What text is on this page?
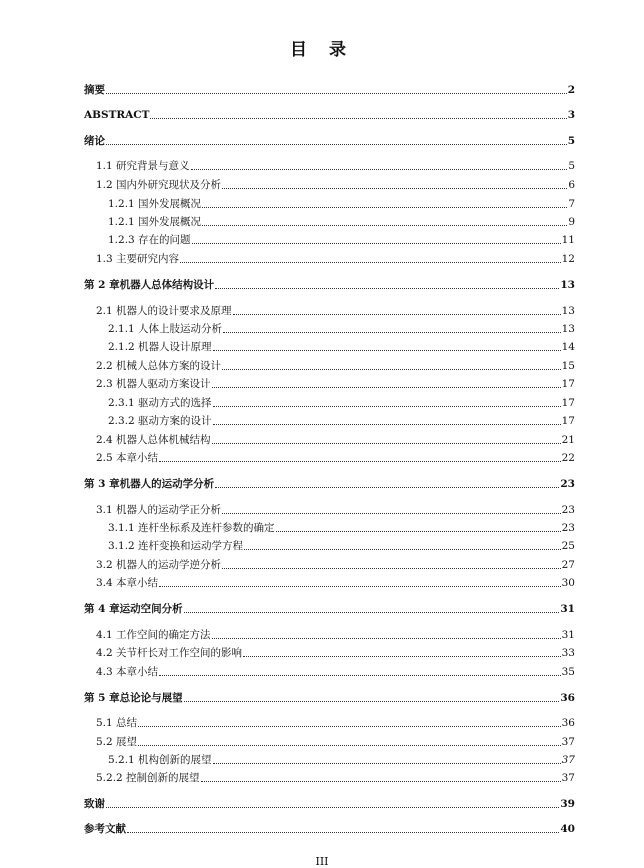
目 录
摘要	2
ABSTRACT	3
绪论	5
1.1 研究背景与意义	5
1.2 国内外研究现状及分析	6
1.2.1 国外发展概况	7
1.2.1 国外发展概况	9
1.2.3 存在的问题	11
1.3 主要研究内容	12
第 2 章机器人总体结构设计	13
2.1 机器人的设计要求及原理	13
2.1.1 人体上肢运动分析	13
2.1.2 机器人设计原理	14
2.2 机械人总体方案的设计	15
2.3 机器人驱动方案设计	17
2.3.1 驱动方式的选择	17
2.3.2 驱动方案的设计	17
2.4 机器人总体机械结构	21
2.5 本章小结	22
第 3 章机器人的运动学分析	23
3.1 机器人的运动学正分析	23
3.1.1 连杆坐标系及连杆参数的确定	23
3.1.2 连杆变换和运动学方程	25
3.2 机器人的运动学逆分析	27
3.4 本章小结	30
第 4 章运动空间分析	31
4.1 工作空间的确定方法	31
4.2 关节杆长对工作空间的影响	33
4.3 本章小结	35
第 5 章总论论与展望	36
5.1 总结	36
5.2 展望	37
5.2.1 机构创新的展望	37
5.2.2 控制创新的展望	37
致谢	39
参考文献	40
III
